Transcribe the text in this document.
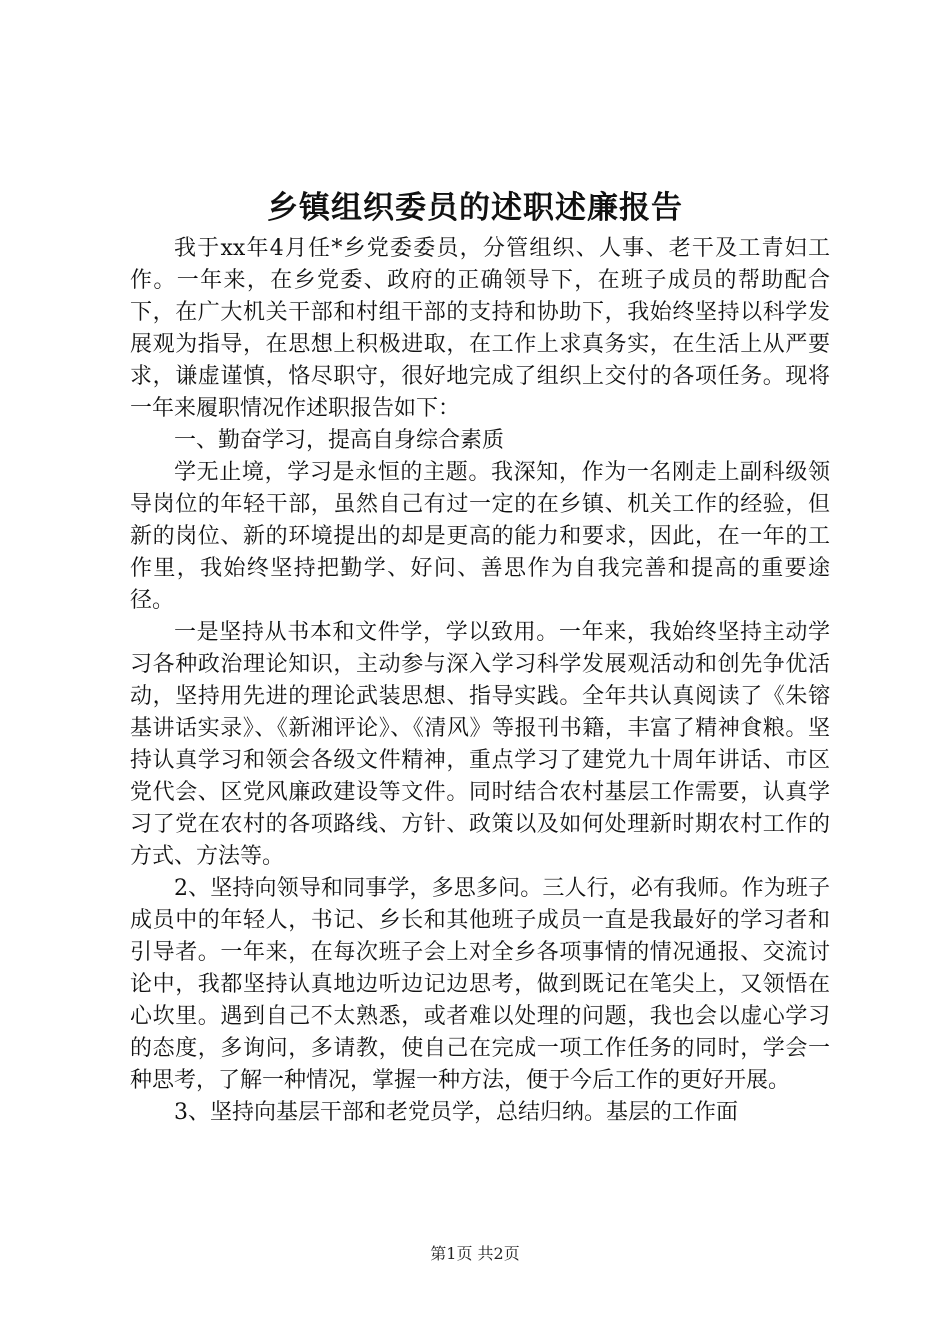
乡镇组织委员的述职述廉报告

我于xx年4月任*乡党委委员，分管组织、人事、老干及工青妇工作。一年来，在乡党委、政府的正确领导下，在班子成员的帮助配合下，在广大机关干部和村组干部的支持和协助下，我始终坚持以科学发展观为指导，在思想上积极进取，在工作上求真务实，在生活上从严要求，谦虚谨慎，恪尽职守，很好地完成了组织上交付的各项任务。现将一年来履职情况作述职报告如下：

一、勤奋学习，提高自身综合素质

学无止境，学习是永恒的主题。我深知，作为一名刚走上副科级领导岗位的年轻干部，虽然自己有过一定的在乡镇、机关工作的经验，但新的岗位、新的环境提出的却是更高的能力和要求，因此，在一年的工作里，我始终坚持把勤学、好问、善思作为自我完善和提高的重要途径。

一是坚持从书本和文件学，学以致用。一年来，我始终坚持主动学习各种政治理论知识，主动参与深入学习科学发展观活动和创先争优活动，坚持用先进的理论武装思想、指导实践。全年共认真阅读了《朱镕基讲话实录》、《新湘评论》、《清风》等报刊书籍，丰富了精神食粮。坚持认真学习和领会各级文件精神，重点学习了建党九十周年讲话、市区党代会、区党风廉政建设等文件。同时结合农村基层工作需要，认真学习了党在农村的各项路线、方针、政策以及如何处理新时期农村工作的方式、方法等。

2、坚持向领导和同事学，多思多问。三人行，必有我师。作为班子成员中的年轻人，书记、乡长和其他班子成员一直是我最好的学习者和引导者。一年来，在每次班子会上对全乡各项事情的情况通报、交流讨论中，我都坚持认真地边听边记边思考，做到既记在笔尖上，又领悟在心坎里。遇到自己不太熟悉，或者难以处理的问题，我也会以虚心学习的态度，多询问，多请教，使自己在完成一项工作任务的同时，学会一种思考，了解一种情况，掌握一种方法，便于今后工作的更好开展。

3、坚持向基层干部和老党员学，总结归纳。基层的工作面

第1页 共2页
